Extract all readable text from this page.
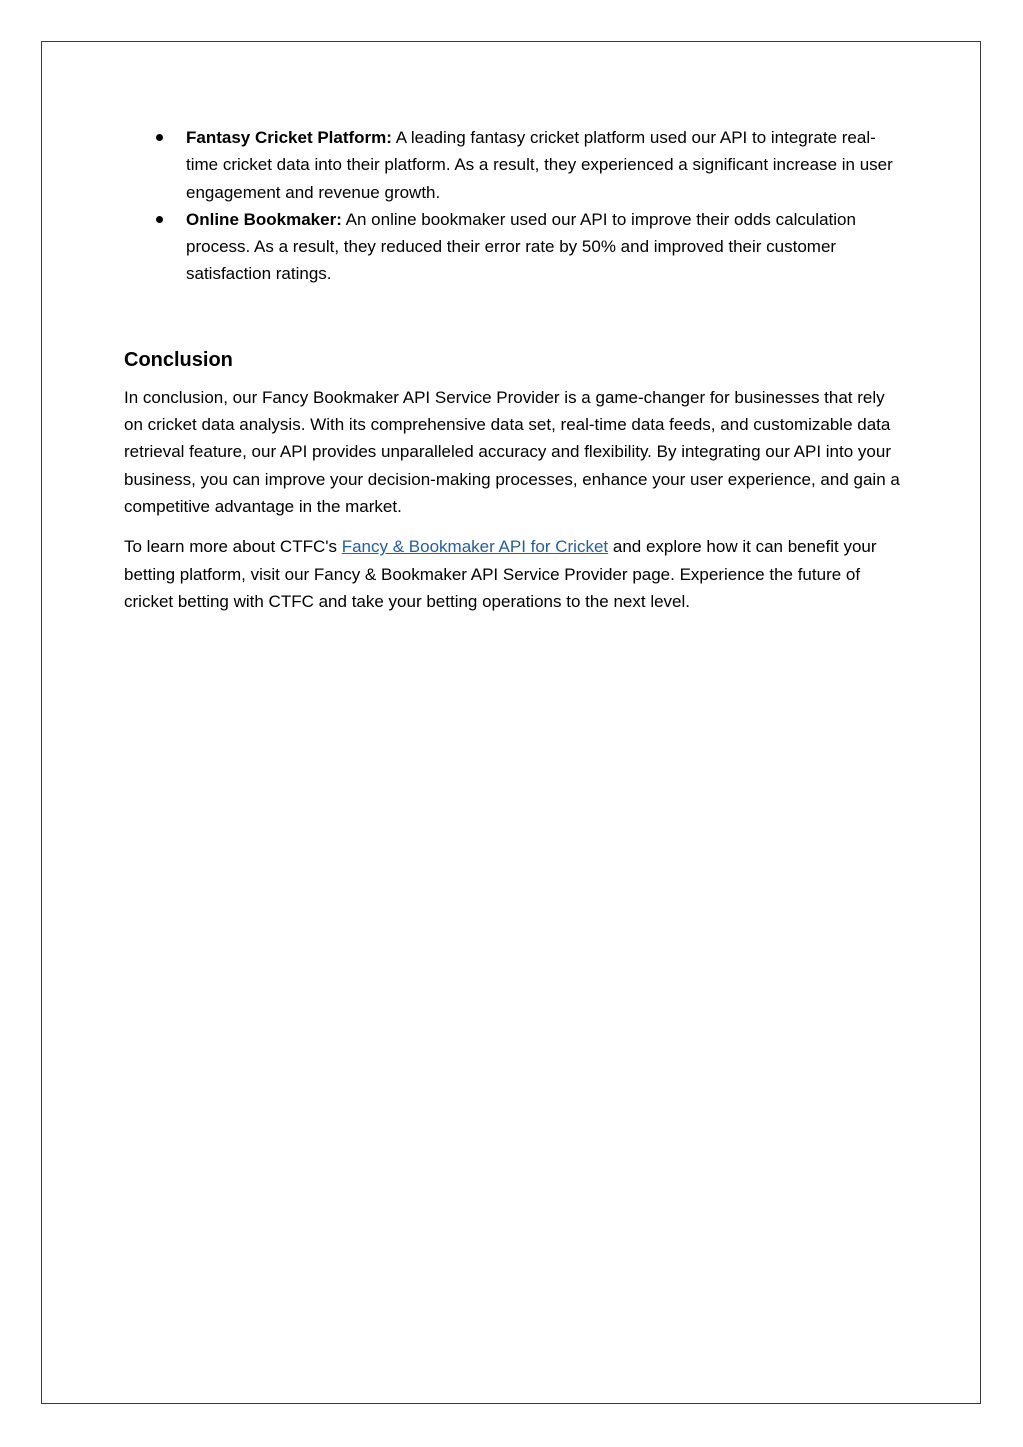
Fantasy Cricket Platform: A leading fantasy cricket platform used our API to integrate real-time cricket data into their platform. As a result, they experienced a significant increase in user engagement and revenue growth.
Online Bookmaker: An online bookmaker used our API to improve their odds calculation process. As a result, they reduced their error rate by 50% and improved their customer satisfaction ratings.
Conclusion

In conclusion, our Fancy Bookmaker API Service Provider is a game-changer for businesses that rely on cricket data analysis. With its comprehensive data set, real-time data feeds, and customizable data retrieval feature, our API provides unparalleled accuracy and flexibility. By integrating our API into your business, you can improve your decision-making processes, enhance your user experience, and gain a competitive advantage in the market.

To learn more about CTFC's Fancy & Bookmaker API for Cricket and explore how it can benefit your betting platform, visit our Fancy & Bookmaker API Service Provider page. Experience the future of cricket betting with CTFC and take your betting operations to the next level.
